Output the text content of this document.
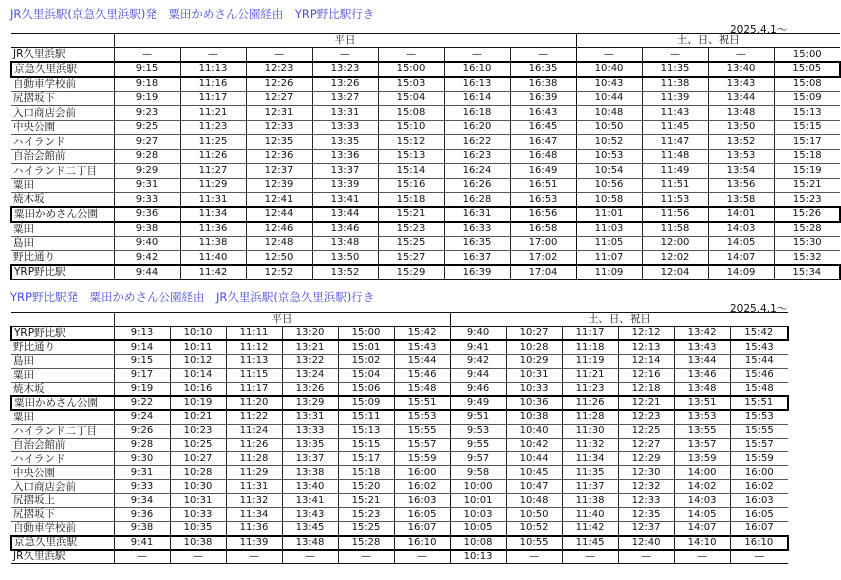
JR久里浜駅(京急久里浜駅)発　粟田かめさん公園経由　YRP野比駅行き
2025.4.1～
	平日							土、日、祝日			
JR久里浜駅	—	—	—	—	—	—	—	—	—	—	15:00
京急久里浜駅	9:15	11:13	12:23	13:23	15:00	16:10	16:35	10:40	11:35	13:40	15:05
自動車学校前	9:18	11:16	12:26	13:26	15:03	16:13	16:38	10:43	11:38	13:43	15:08
尻摺坂下	9:19	11:17	12:27	13:27	15:04	16:14	16:39	10:44	11:39	13:44	15:09
入口商店会前	9:23	11:21	12:31	13:31	15:08	16:18	16:43	10:48	11:43	13:48	15:13
中央公園	9:25	11:23	12:33	13:33	15:10	16:20	16:45	10:50	11:45	13:50	15:15
ハイランド	9:27	11:25	12:35	13:35	15:12	16:22	16:47	10:52	11:47	13:52	15:17
自治会館前	9:28	11:26	12:36	13:36	15:13	16:23	16:48	10:53	11:48	13:53	15:18
ハイランド二丁目	9:29	11:27	12:37	13:37	15:14	16:24	16:49	10:54	11:49	13:54	15:19
粟田	9:31	11:29	12:39	13:39	15:16	16:26	16:51	10:56	11:51	13:56	15:21
焼木坂	9:33	11:31	12:41	13:41	15:18	16:28	16:53	10:58	11:53	13:58	15:23
粟田かめさん公園	9:36	11:34	12:44	13:44	15:21	16:31	16:56	11:01	11:56	14:01	15:26
粟田	9:38	11:36	12:46	13:46	15:23	16:33	16:58	11:03	11:58	14:03	15:28
島田	9:40	11:38	12:48	13:48	15:25	16:35	17:00	11:05	12:00	14:05	15:30
野比通り	9:42	11:40	12:50	13:50	15:27	16:37	17:02	11:07	12:02	14:07	15:32
YRP野比駅	9:44	11:42	12:52	13:52	15:29	16:39	17:04	11:09	12:04	14:09	15:34
YRP野比駅発　粟田かめさん公園経由　JR久里浜駅(京急久里浜駅)行き
2025.4.1～
	平日						土、日、祝日					
YRP野比駅	9:13	10:10	11:11	13:20	15:00	15:42	9:40	10:27	11:17	12:12	13:42	15:42
野比通り	9:14	10:11	11:12	13:21	15:01	15:43	9:41	10:28	11:18	12:13	13:43	15:43
島田	9:15	10:12	11:13	13:22	15:02	15:44	9:42	10:29	11:19	12:14	13:44	15:44
粟田	9:17	10:14	11:15	13:24	15:04	15:46	9:44	10:31	11:21	12:16	13:46	15:46
焼木坂	9:19	10:16	11:17	13:26	15:06	15:48	9:46	10:33	11:23	12:18	13:48	15:48
粟田かめさん公園	9:22	10:19	11:20	13:29	15:09	15:51	9:49	10:36	11:26	12:21	13:51	15:51
粟田	9:24	10:21	11:22	13:31	15:11	15:53	9:51	10:38	11:28	12:23	13:53	15:53
ハイランド二丁目	9:26	10:23	11:24	13:33	15:13	15:55	9:53	10:40	11:30	12:25	13:55	15:55
自治会館前	9:28	10:25	11:26	13:35	15:15	15:57	9:55	10:42	11:32	12:27	13:57	15:57
ハイランド	9:30	10:27	11:28	13:37	15:17	15:59	9:57	10:44	11:34	12:29	13:59	15:59
中央公園	9:31	10:28	11:29	13:38	15:18	16:00	9:58	10:45	11:35	12:30	14:00	16:00
入口商店会前	9:33	10:30	11:31	13:40	15:20	16:02	10:00	10:47	11:37	12:32	14:02	16:02
尻摺坂上	9:34	10:31	11:32	13:41	15:21	16:03	10:01	10:48	11:38	12:33	14:03	16:03
尻摺坂下	9:36	10:33	11:34	13:43	15:23	16:05	10:03	10:50	11:40	12:35	14:05	16:05
自動車学校前	9:38	10:35	11:36	13:45	15:25	16:07	10:05	10:52	11:42	12:37	14:07	16:07
京急久里浜駅	9:41	10:38	11:39	13:48	15:28	16:10	10:08	10:55	11:45	12:40	14:10	16:10
JR久里浜駅	—	—	—	—	—	—	10:13	—	—	—	—	—
